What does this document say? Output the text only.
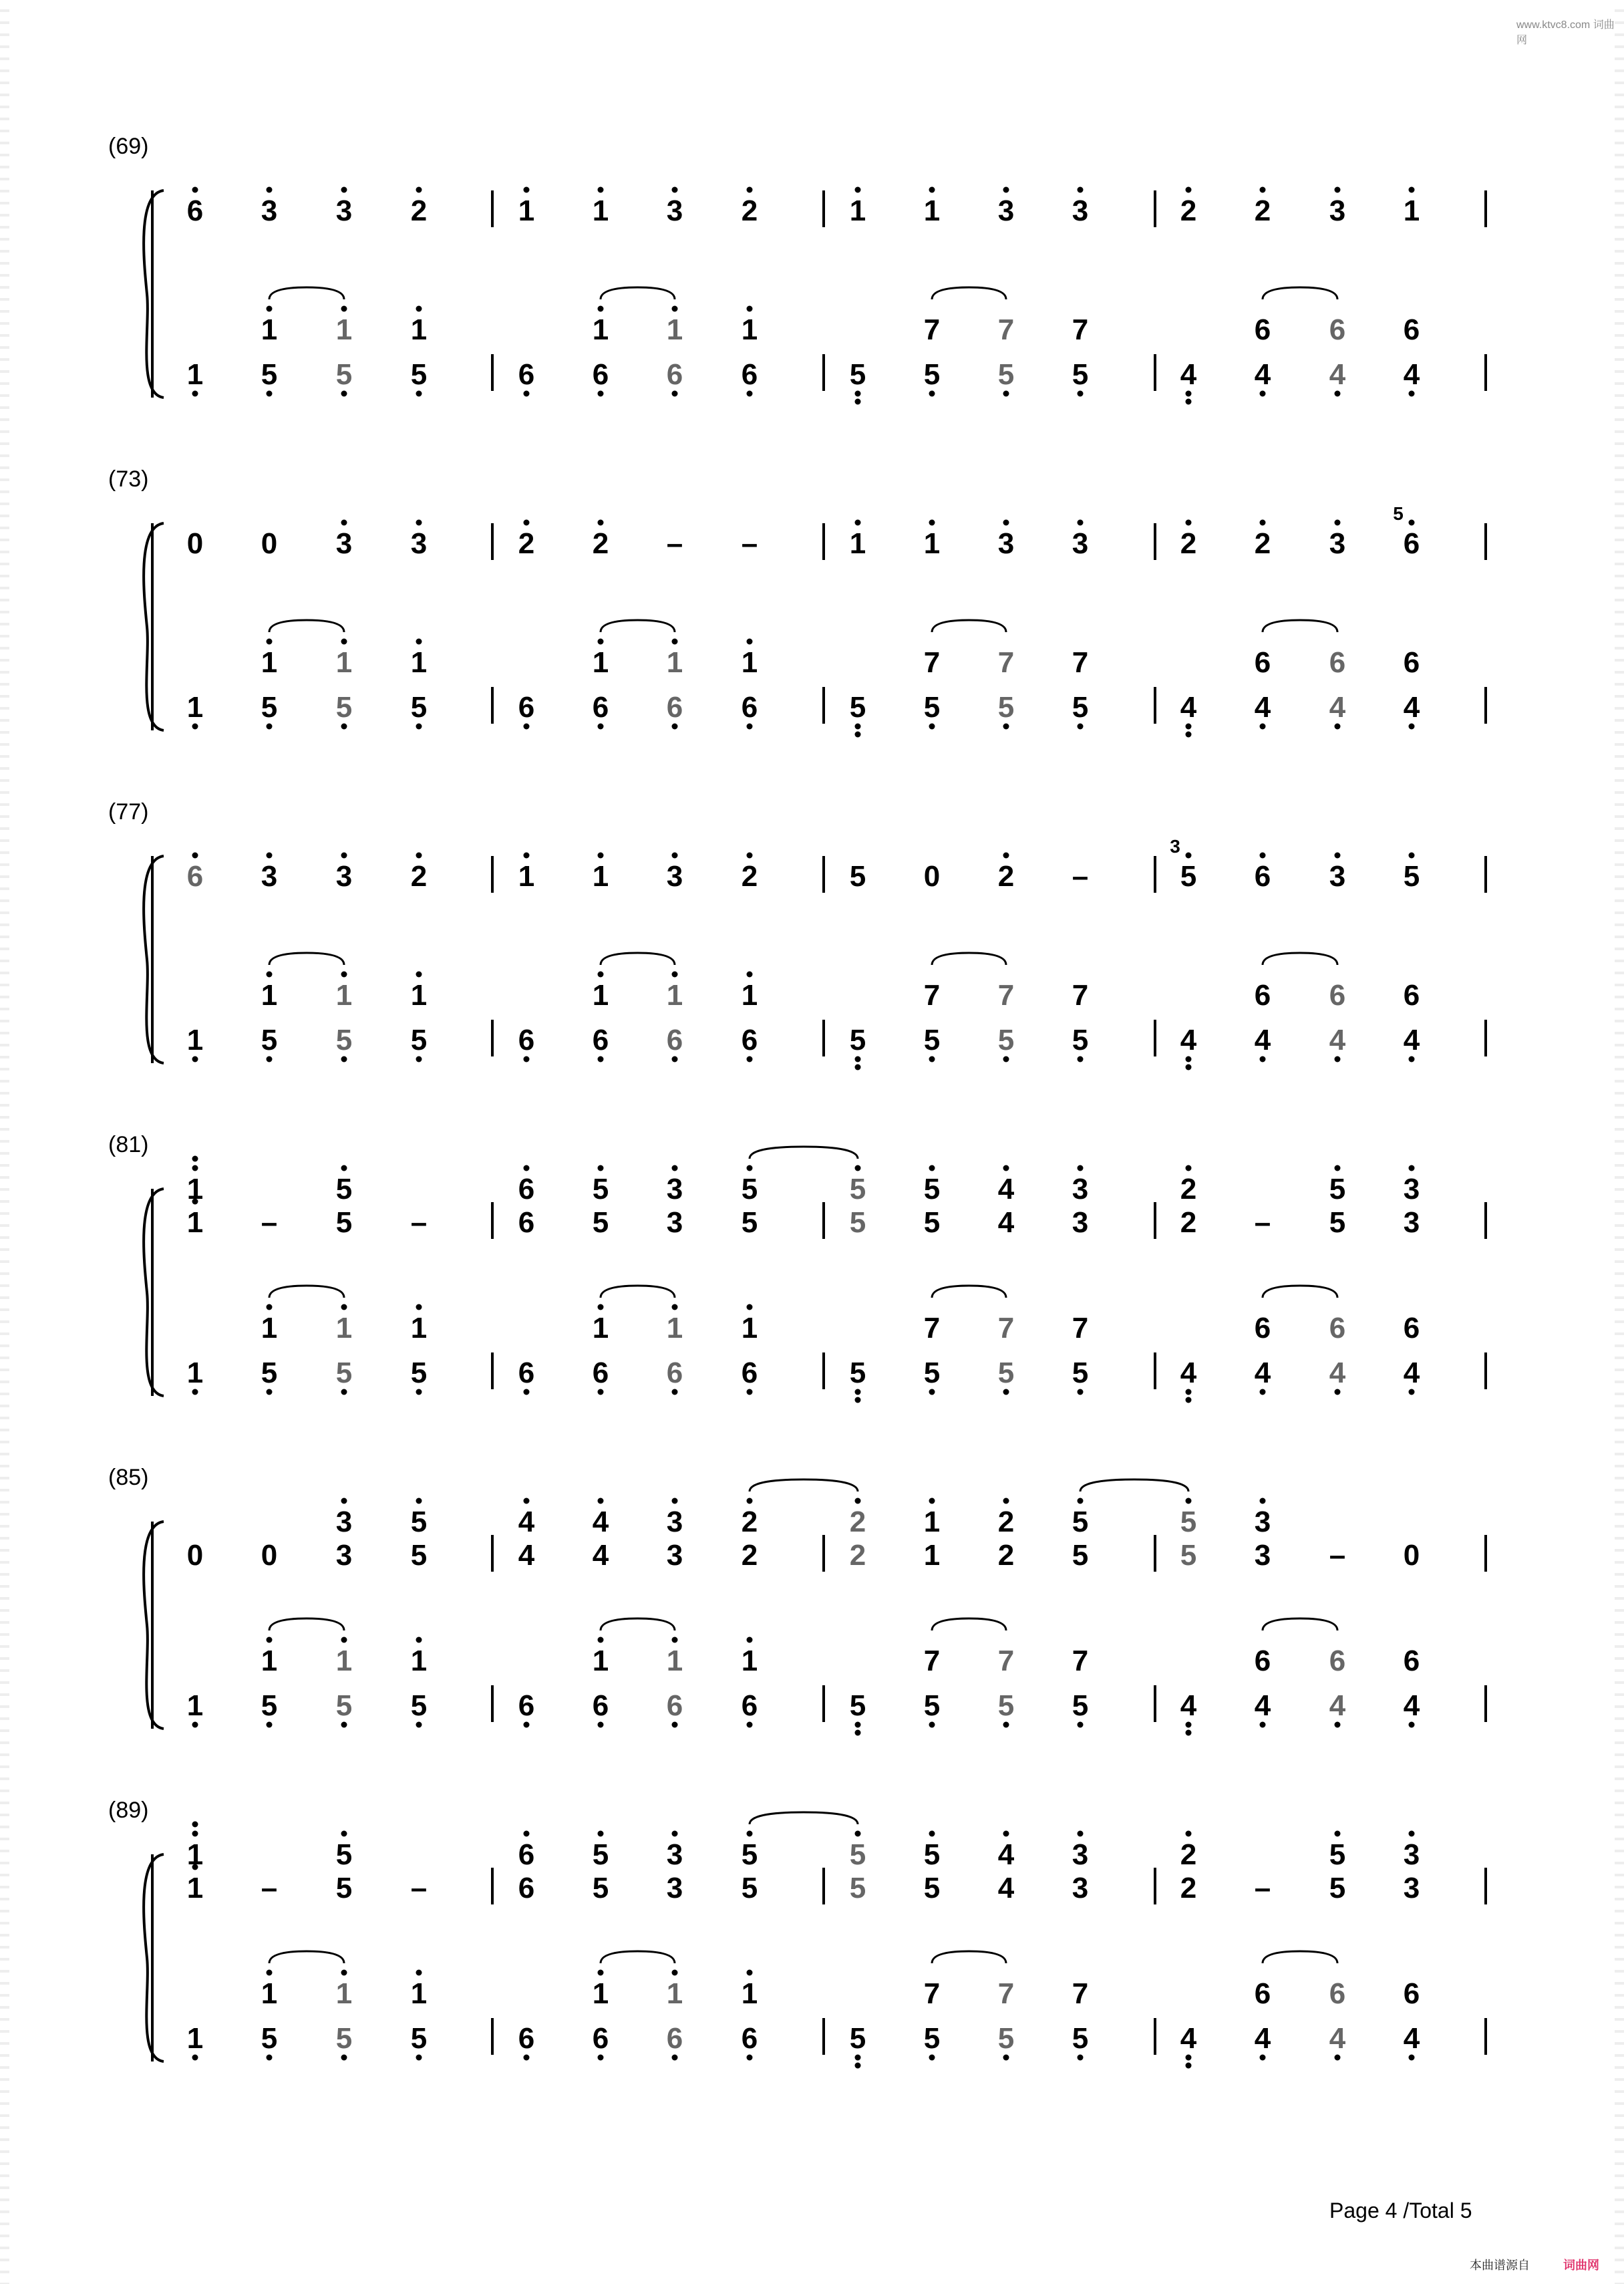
www.ktvc8.com 词曲网
(69)
6 3 3 2	1 1 3 2	1 1 3 3	2 2 3 1
1 1 1	1 1 1	7 7 7	6 6 6
1 5 5 5	6 6 6 6	5 5 5 5	4 4 4 4
(73)
0 0 3 3	2 2 – –	1 1 3 3	2 2 3 6
5
1 1 1	1 1 1	7 7 7	6 6 6
1 5 5 5	6 6 6 6	5 5 5 5	4 4 4 4
(77)
6 3 3 2	1 1 3 2	5 0 2 –	5
3
6 3 5
1 1 1	1 1 1	7 7 7	6 6 6
1 5 5 5	6 6 6 6	5 5 5 5	4 4 4 4
(81)
1 – 5 –	6 5 3 5	5 5 4 3	2 – 5 3
1	5	6 5 3 5	5 5 4 3	2	5 3
1 1 1	1 1 1	7 7 7	6 6 6
1 5 5 5	6 6 6 6	5 5 5 5	4 4 4 4
(85)
0 0 3 5	4 4 3 2	2 1 2 5	5 3 – 0
3 5	4 4 3 2	2 1 2 5	5 3
1 1 1	1 1 1	7 7 7	6 6 6
1 5 5 5	6 6 6 6	5 5 5 5	4 4 4 4
(89)
1 – 5 –	6 5 3 5	5 5 4 3	2 – 5 3
1	5	6 5 3 5	5 5 4 3	2	5 3
1 1 1	1 1 1	7 7 7	6 6 6
1 5 5 5	6 6 6 6	5 5 5 5	4 4 4 4
Page 4 /Total 5
本曲谱源自	词曲网
